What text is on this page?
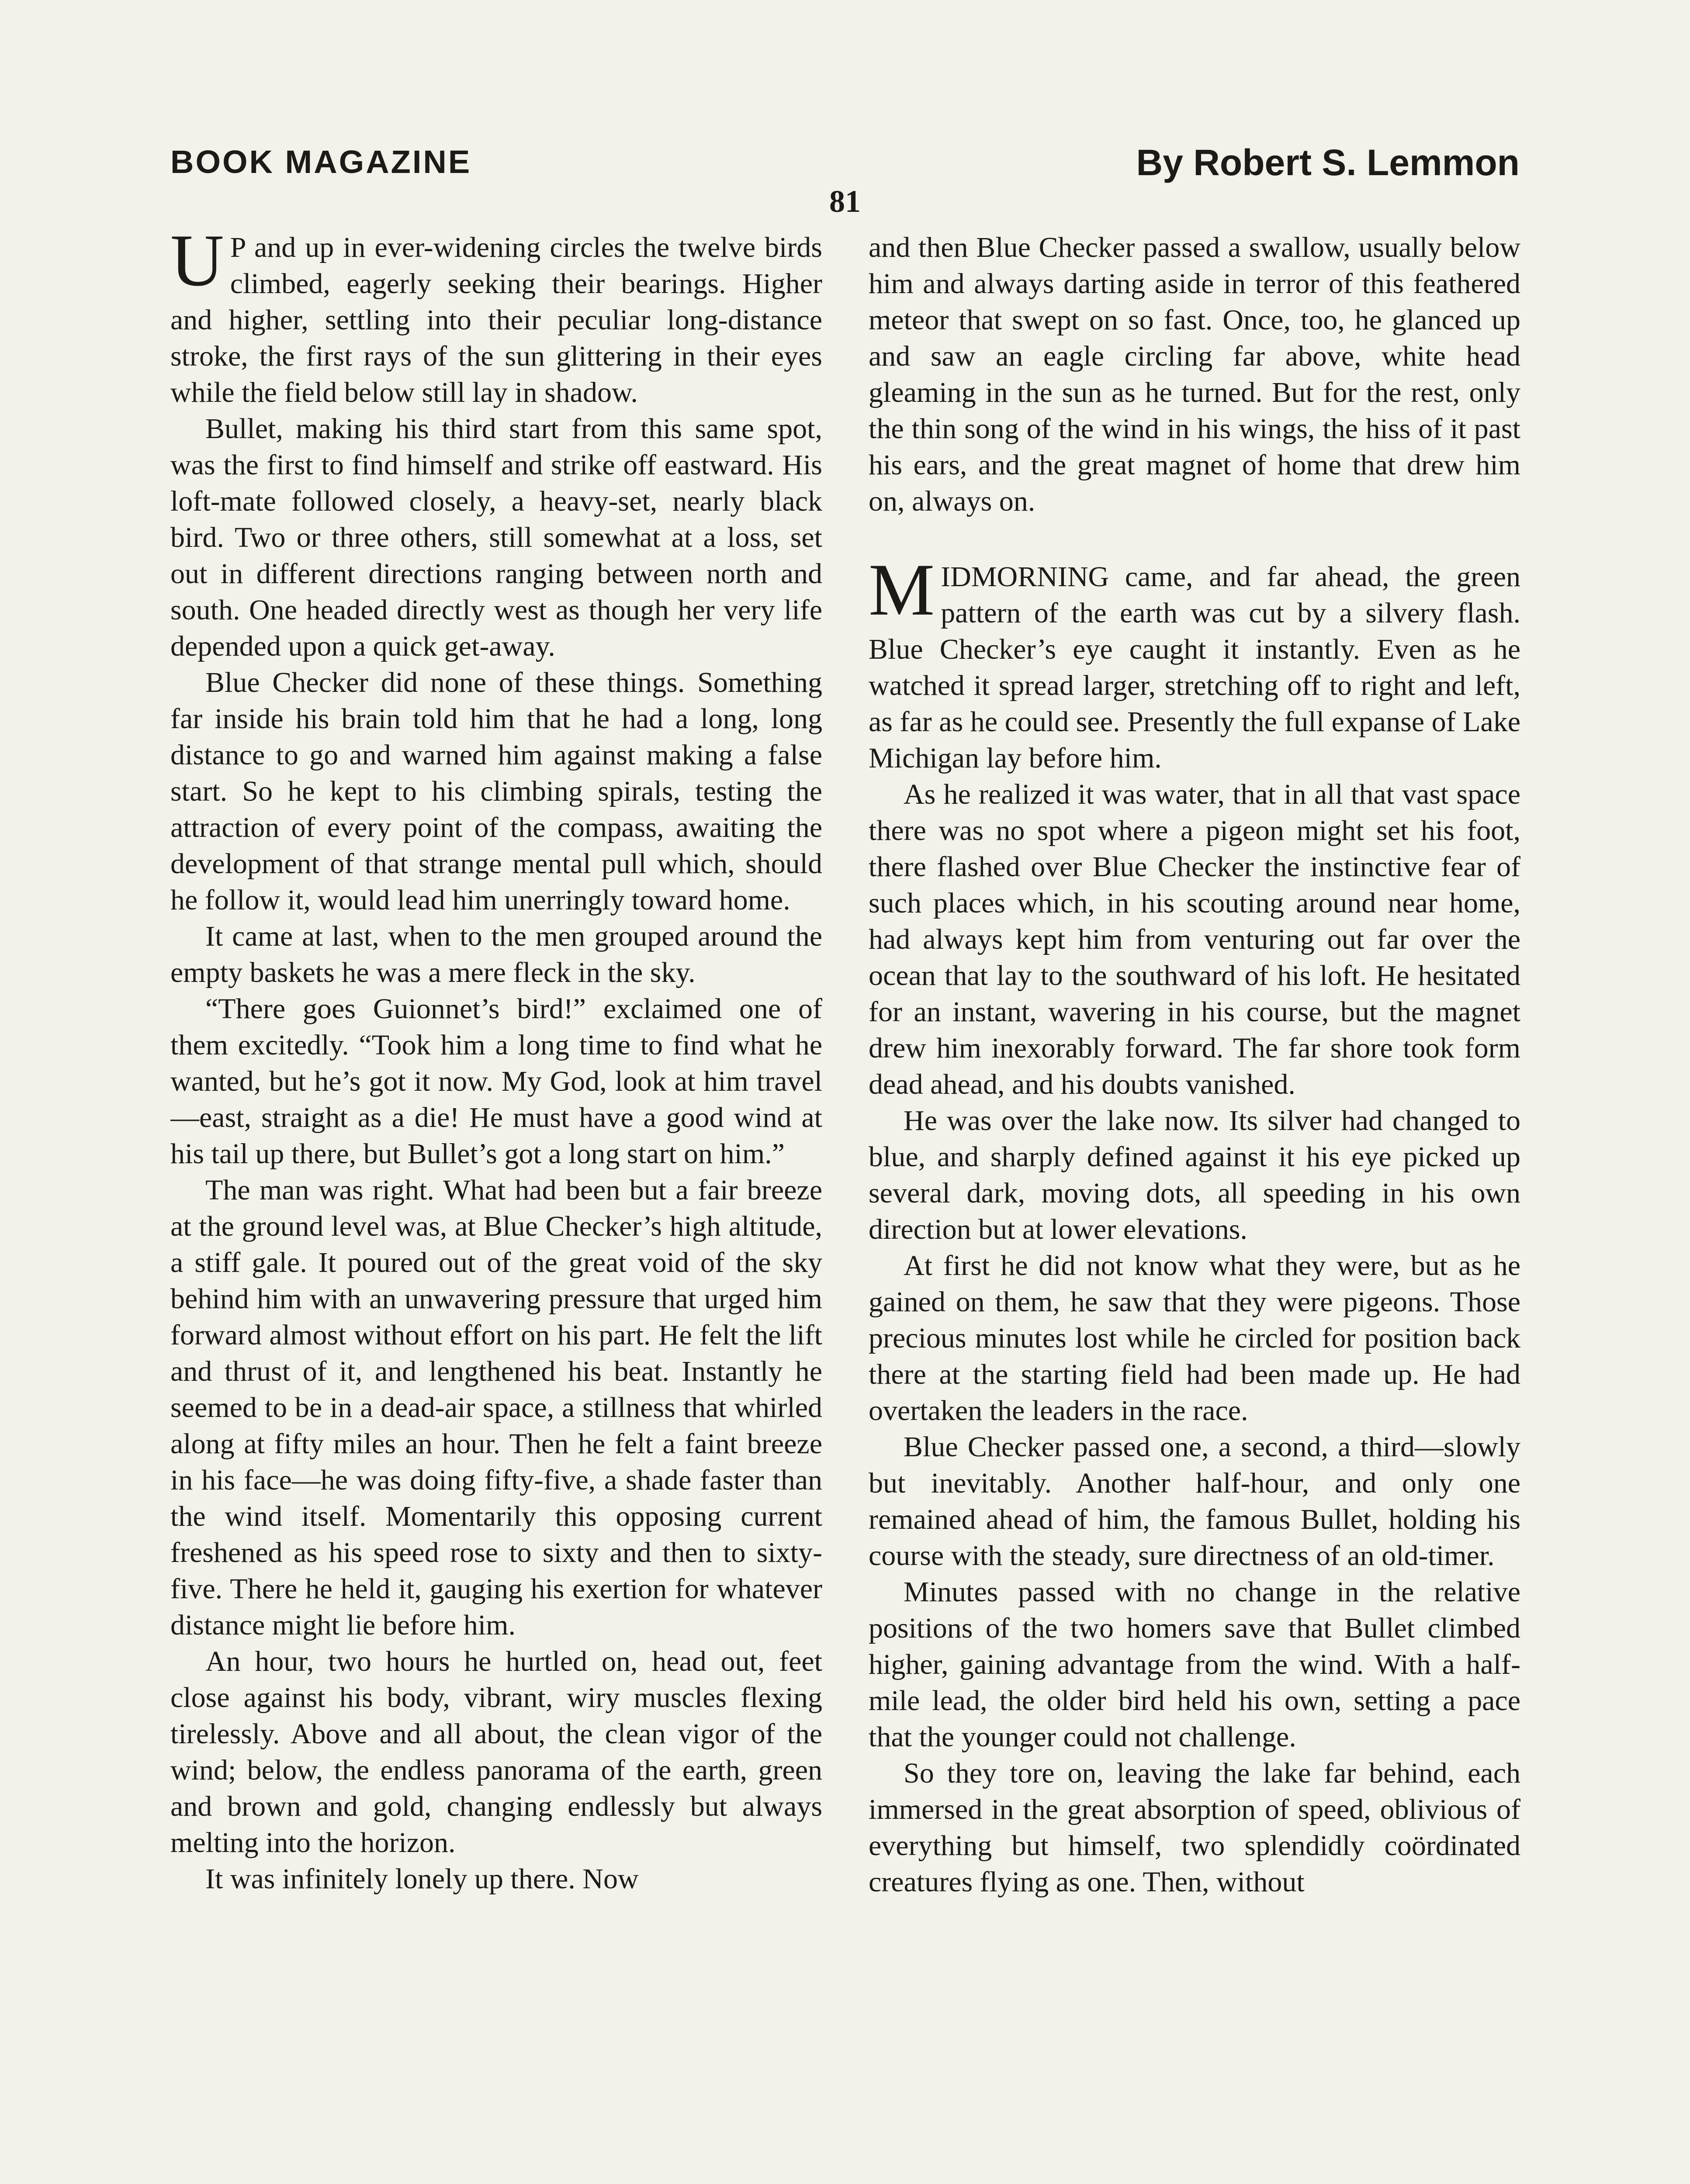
BOOK MAGAZINE	By Robert S. Lemmon
81

U P and up in ever-widening circles the twelve birds climbed, eagerly seeking their bearings. Higher and higher, settling into their peculiar long-distance stroke, the first rays of the sun glittering in their eyes while the field below still lay in shadow.

Bullet, making his third start from this same spot, was the first to find himself and strike off eastward. His loft-mate followed closely, a heavy-set, nearly black bird. Two or three others, still somewhat at a loss, set out in different directions ranging between north and south. One headed directly west as though her very life depended upon a quick get-away.

Blue Checker did none of these things. Something far inside his brain told him that he had a long, long distance to go and warned him against making a false start. So he kept to his climbing spirals, testing the attraction of every point of the compass, awaiting the development of that strange mental pull which, should he follow it, would lead him unerringly toward home.

It came at last, when to the men grouped around the empty baskets he was a mere fleck in the sky.

“There goes Guionnet’s bird!” exclaimed one of them excitedly. “Took him a long time to find what he wanted, but he’s got it now. My God, look at him travel—east, straight as a die! He must have a good wind at his tail up there, but Bullet’s got a long start on him.”

The man was right. What had been but a fair breeze at the ground level was, at Blue Checker’s high altitude, a stiff gale. It poured out of the great void of the sky behind him with an unwavering pressure that urged him forward almost without effort on his part. He felt the lift and thrust of it, and lengthened his beat. Instantly he seemed to be in a dead-air space, a stillness that whirled along at fifty miles an hour. Then he felt a faint breeze in his face—he was doing fifty-five, a shade faster than the wind itself. Momentarily this opposing current freshened as his speed rose to sixty and then to sixty-five. There he held it, gauging his exertion for whatever distance might lie before him.

An hour, two hours he hurtled on, head out, feet close against his body, vibrant, wiry muscles flexing tirelessly. Above and all about, the clean vigor of the wind; below, the endless panorama of the earth, green and brown and gold, changing endlessly but always melting into the horizon.

It was infinitely lonely up there. Now

and then Blue Checker passed a swallow, usually below him and always darting aside in terror of this feathered meteor that swept on so fast. Once, too, he glanced up and saw an eagle circling far above, white head gleaming in the sun as he turned. But for the rest, only the thin song of the wind in his wings, the hiss of it past his ears, and the great magnet of home that drew him on, always on.

MIDMORNING came, and far ahead, the green pattern of the earth was cut by a silvery flash. Blue Checker’s eye caught it instantly. Even as he watched it spread larger, stretching off to right and left, as far as he could see. Presently the full expanse of Lake Michigan lay before him.

As he realized it was water, that in all that vast space there was no spot where a pigeon might set his foot, there flashed over Blue Checker the instinctive fear of such places which, in his scouting around near home, had always kept him from venturing out far over the ocean that lay to the southward of his loft. He hesitated for an instant, wavering in his course, but the magnet drew him inexorably forward. The far shore took form dead ahead, and his doubts vanished.

He was over the lake now. Its silver had changed to blue, and sharply defined against it his eye picked up several dark, moving dots, all speeding in his own direction but at lower elevations.

At first he did not know what they were, but as he gained on them, he saw that they were pigeons. Those precious minutes lost while he circled for position back there at the starting field had been made up. He had overtaken the leaders in the race.

Blue Checker passed one, a second, a third—slowly but inevitably. Another half-hour, and only one remained ahead of him, the famous Bullet, holding his course with the steady, sure directness of an old-timer.

Minutes passed with no change in the relative positions of the two homers save that Bullet climbed higher, gaining advantage from the wind. With a half-mile lead, the older bird held his own, setting a pace that the younger could not challenge.

So they tore on, leaving the lake far behind, each immersed in the great absorption of speed, oblivious of everything but himself, two splendidly coördinated creatures flying as one. Then, without
